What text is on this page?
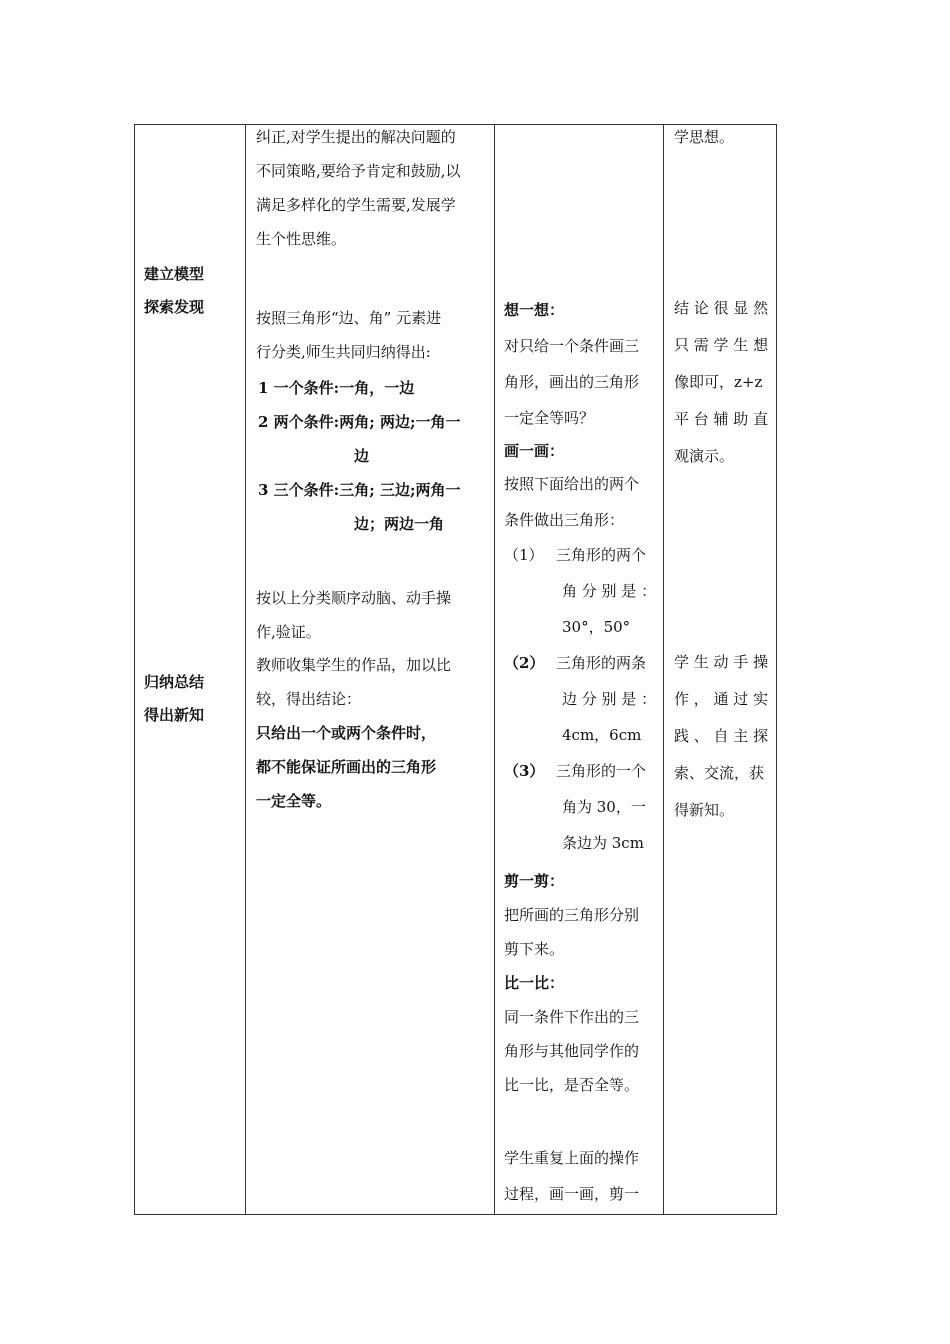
建立模型
探索发现
归纳总结
得出新知

纠正,对学生提出的解决问题的

不同策略,要给予肯定和鼓励,以

满足多样化的学生需要,发展学

生个性思维。

按照三角形“边、角” 元素进

行分类,师生共同归纳得出:

1 一个条件:一角，一边

2 两个条件:两角; 两边;一角一

边

3 三个条件:三角; 三边;两角一

边；两边一角

按以上分类顺序动脑、动手操

作,验证。

教师收集学生的作品，加以比

较，得出结论：

只给出一个或两个条件时，

都不能保证所画出的三角形

一定全等。

想一想：

对只给一个条件画三

角形，画出的三角形

一定全等吗？

画一画：

按照下面给出的两个

条件做出三角形：

（1） 三角形的两个

角 分 别 是 ：

30°，50°

（2） 三角形的两条

边 分 别 是 ：

4cm，6cm

（3） 三角形的一个

角为 30，一

条边为 3cm

剪一剪：

把所画的三角形分别

剪下来。

比一比：

同一条件下作出的三

角形与其他同学作的

比一比，是否全等。

学生重复上面的操作

过程，画一画，剪一

学思想。

结 论 很 显 然

只 需 学 生 想

像即可，z+z

平 台 辅 助 直

观演示。

学 生 动 手 操

作 ， 通 过 实

践 、 自 主 探

索、交流，获

得新知。
